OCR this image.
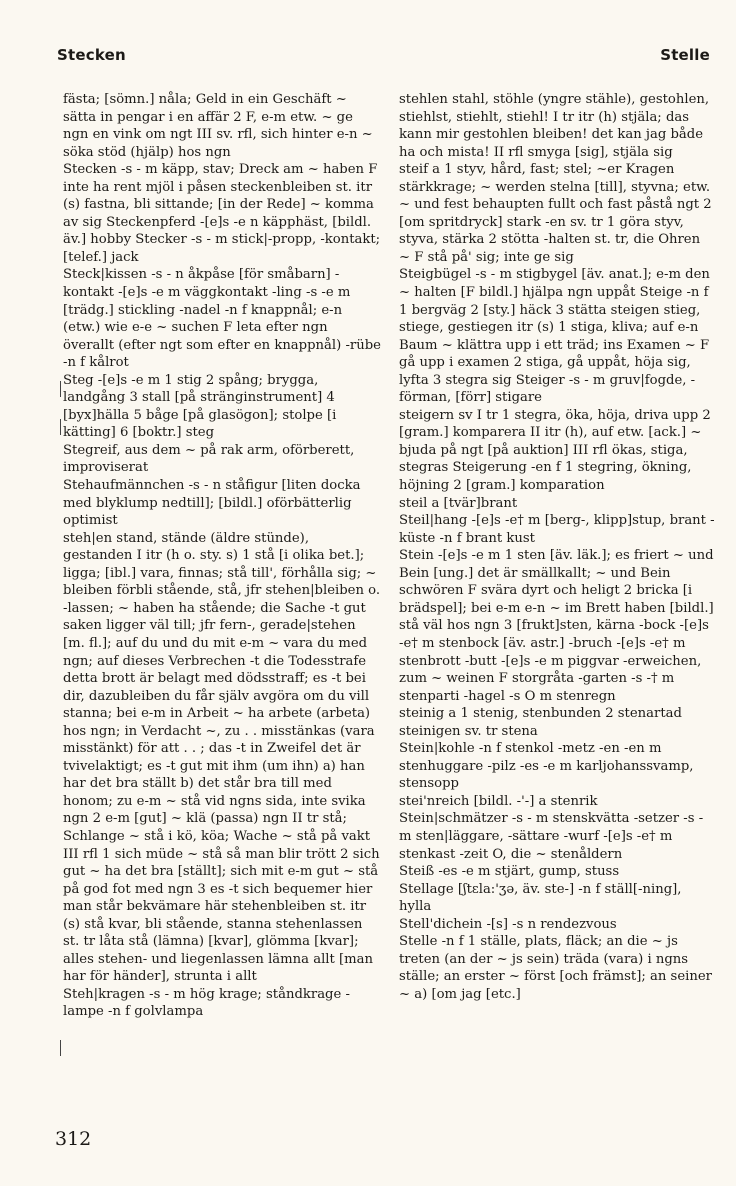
Stecken	Stelle

fästa; [sömn.] nåla; Geld in ein Geschäft ~ sätta in pengar i en affär 2 F, e-m etw. ~ ge ngn en vink om ngt III sv. rfl, sich hinter e-n ~ söka stöd (hjälp) hos ngn

Stecken -s - m käpp, stav; Dreck am ~ haben F inte ha rent mjöl i påsen steckenbleiben st. itr (s) fastna, bli sittande; [in der Rede] ~ komma av sig Steckenpferd -[e]s -e n käpphäst, [bildl. äv.] hobby Stecker -s - m stick|-propp, -kontakt; [telef.] jack

Steck|kissen -s - n åkpåse [för småbarn] -kontakt -[e]s -e m väggkontakt -ling -s -e m [trädg.] stickling -nadel -n f knappnål; e-n (etw.) wie e-e ~ suchen F leta efter ngn överallt (efter ngt som efter en knappnål) -rübe -n f kålrot

Steg -[e]s -e m 1 stig 2 spång; brygga, landgång 3 stall [på stränginstrument] 4 [byx]hälla 5 båge [på glasögon]; stolpe [i kätting] 6 [boktr.] steg

Stegreif, aus dem ~ på rak arm, oförberett, improviserat

Stehaufmännchen -s - n ståfigur [liten docka med blyklump nedtill]; [bildl.] oförbätterlig optimist

steh|en stand, stände (äldre stünde), gestanden I itr (h o. sty. s) 1 stå [i olika bet.]; ligga; [ibl.] vara, finnas; stå till', förhålla sig; ~ bleiben förbli stående, stå, jfr stehen|bleiben o. -lassen; ~ haben ha stående; die Sache -t gut saken ligger väl till; jfr fern-, gerade|stehen [m. fl.]; auf du und du mit e-m ~ vara du med ngn; auf dieses Verbrechen -t die Todesstrafe detta brott är belagt med dödsstraff; es -t bei dir, dazubleiben du får själv avgöra om du vill stanna; bei e-m in Arbeit ~ ha arbete (arbeta) hos ngn; in Verdacht ~, zu . . misstänkas (vara misstänkt) för att . . ; das -t in Zweifel det är tvivelaktigt; es -t gut mit ihm (um ihn) a) han har det bra ställt b) det står bra till med honom; zu e-m ~ stå vid ngns sida, inte svika ngn 2 e-m [gut] ~ klä (passa) ngn II tr stå; Schlange ~ stå i kö, köa; Wache ~ stå på vakt III rfl 1 sich müde ~ stå så man blir trött 2 sich gut ~ ha det bra [ställt]; sich mit e-m gut ~ stå på god fot med ngn 3 es -t sich bequemer hier man står bekvämare här stehenbleiben st. itr (s) stå kvar, bli stående, stanna stehenlassen st. tr låta stå (lämna) [kvar], glömma [kvar]; alles stehen- und liegenlassen lämna allt [man har för händer], strunta i allt

Steh|kragen -s - m hög krage; ståndkrage -lampe -n f golvlampa

stehlen stahl, stöhle (yngre stähle), gestohlen, stiehlst, stiehlt, stiehl! I tr itr (h) stjäla; das kann mir gestohlen bleiben! det kan jag både ha och mista! II rfl smyga [sig], stjäla sig

steif a 1 styv, hård, fast; stel; ~er Kragen stärkkrage; ~ werden stelna [till], styvna; etw. ~ und fest behaupten fullt och fast påstå ngt 2 [om spritdryck] stark -en sv. tr 1 göra styv, styva, stärka 2 stötta -halten st. tr, die Ohren ~ F stå på' sig; inte ge sig

Steigbügel -s - m stigbygel [äv. anat.]; e-m den ~ halten [F bildl.] hjälpa ngn uppåt Steige -n f 1 bergväg 2 [sty.] häck 3 stätta steigen stieg, stiege, gestiegen itr (s) 1 stiga, kliva; auf e-n Baum ~ klättra upp i ett träd; ins Examen ~ F gå upp i examen 2 stiga, gå uppåt, höja sig, lyfta 3 stegra sig Steiger -s - m gruv|fogde, -förman, [förr] stigare

steigern sv I tr 1 stegra, öka, höja, driva upp 2 [gram.] komparera II itr (h), auf etw. [ack.] ~ bjuda på ngt [på auktion] III rfl ökas, stiga, stegras Steigerung -en f 1 stegring, ökning, höjning 2 [gram.] komparation

steil a [tvär]brant

Steil|hang -[e]s -e† m [berg-, klipp]stup, brant -küste -n f brant kust

Stein -[e]s -e m 1 sten [äv. läk.]; es friert ~ und Bein [ung.] det är smällkallt; ~ und Bein schwören F svära dyrt och heligt 2 bricka [i brädspel]; bei e-m e-n ~ im Brett haben [bildl.] stå väl hos ngn 3 [frukt]sten, kärna -bock -[e]s -e† m stenbock [äv. astr.] -bruch -[e]s -e† m stenbrott -butt -[e]s -e m piggvar -erweichen, zum ~ weinen F storgråta -garten -s -† m stenparti -hagel -s O m stenregn

steinig a 1 stenig, stenbunden 2 stenartad steinigen sv. tr stena

Stein|kohle -n f stenkol -metz -en -en m stenhuggare -pilz -es -e m karljohanssvamp, stensopp

stei'nreich [bildl. -'-] a stenrik

Stein|schmätzer -s - m stenskvätta -setzer -s - m sten|läggare, -sättare -wurf -[e]s -e† m stenkast -zeit O, die ~ stenåldern

Steiß -es -e m stjärt, gump, stuss

Stellage [ʃtɛla:'ʒə, äv. ste-] -n f ställ[-ning], hylla

Stell'dichein -[s] -s n rendezvous

Stelle -n f 1 ställe, plats, fläck; an die ~ js treten (an der ~ js sein) träda (vara) i ngns ställe; an erster ~ först [och främst]; an seiner ~ a) [om jag [etc.]

312
